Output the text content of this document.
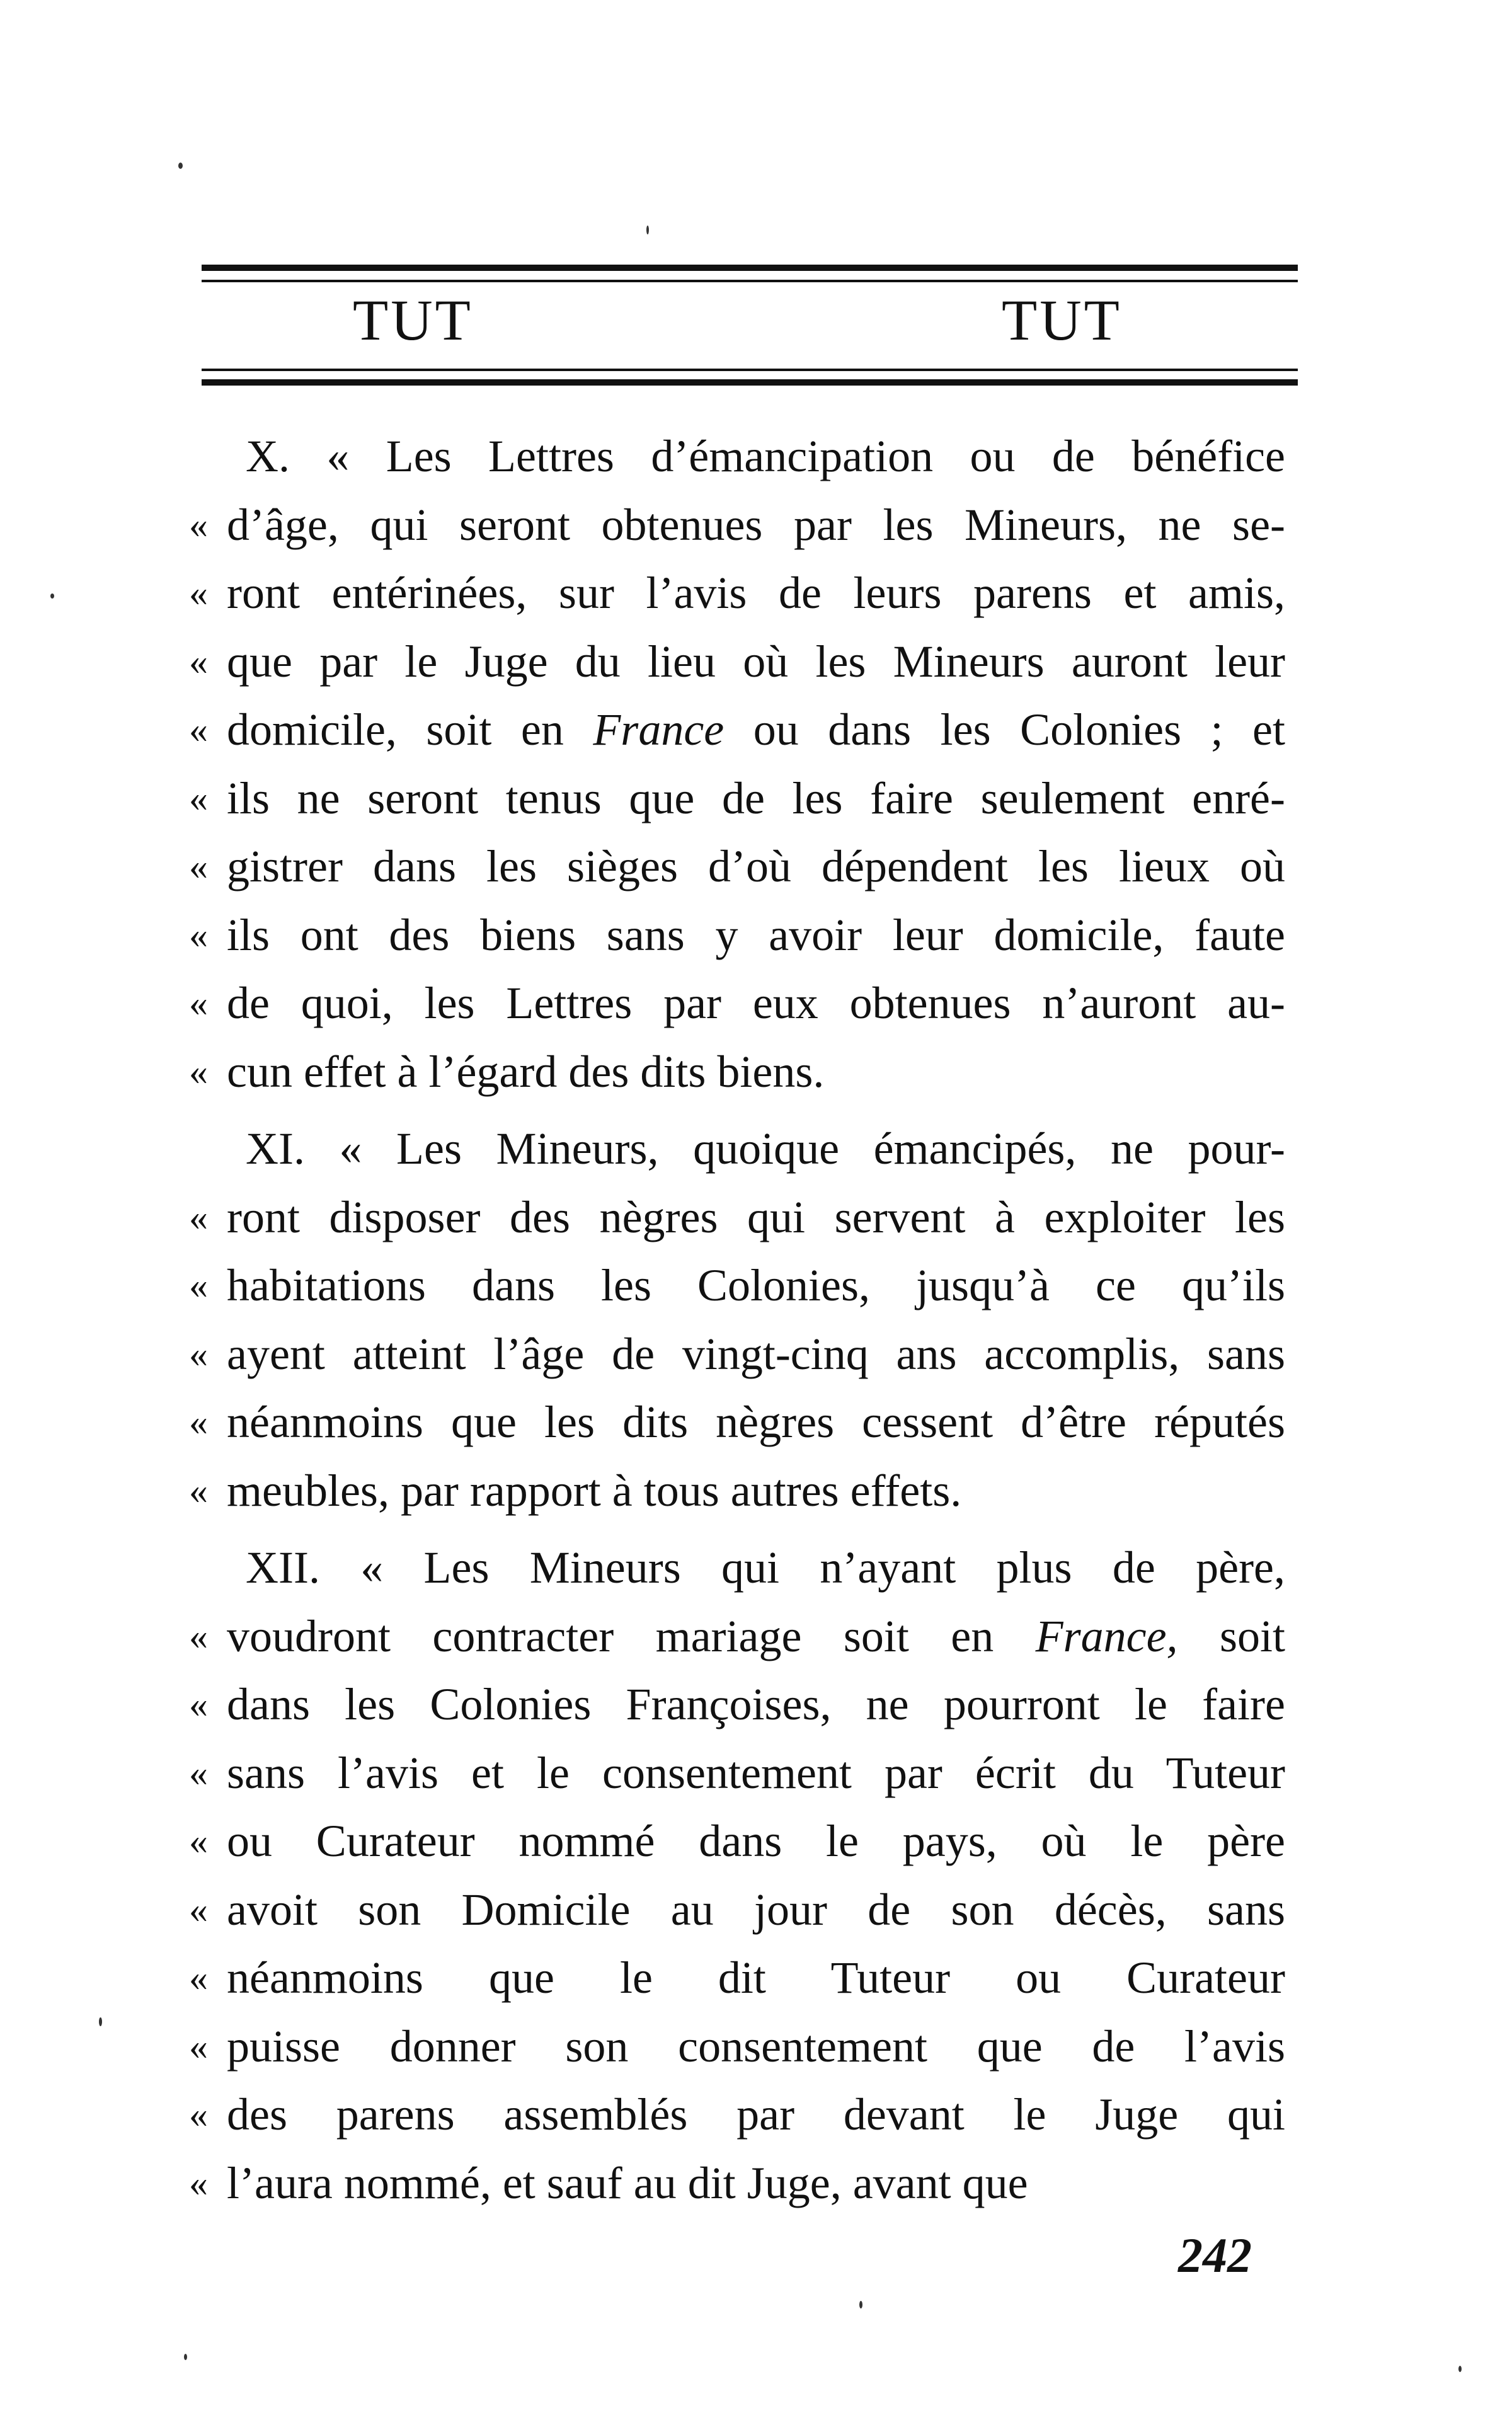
TUT	TUT
X. « Les Lettres d’émancipation ou de bénéfice
« d’âge, qui seront obtenues par les Mineurs, ne se-
« ront entérinées, sur l’avis de leurs parens et amis,
« que par le Juge du lieu où les Mineurs auront leur
« domicile, soit en France ou dans les Colonies ; et
« ils ne seront tenus que de les faire seulement enré-
« gistrer dans les sièges d’où dépendent les lieux où
« ils ont des biens sans y avoir leur domicile, faute
« de quoi, les Lettres par eux obtenues n’auront au-
« cun effet à l’égard des dits biens.
XI. « Les Mineurs, quoique émancipés, ne pour-
« ront disposer des nègres qui servent à exploiter les
« habitations dans les Colonies, jusqu’à ce qu’ils
« ayent atteint l’âge de vingt-cinq ans accomplis, sans
« néanmoins que les dits nègres cessent d’être réputés
« meubles, par rapport à tous autres effets.
XII. « Les Mineurs qui n’ayant plus de père,
« voudront contracter mariage soit en France, soit
« dans les Colonies Françoises, ne pourront le faire
« sans l’avis et le consentement par écrit du Tuteur
« ou Curateur nommé dans le pays, où le père
« avoit son Domicile au jour de son décès, sans
« néanmoins que le dit Tuteur ou Curateur
« puisse donner son consentement que de l’avis
« des parens assemblés par devant le Juge qui
« l’aura nommé, et sauf au dit Juge, avant que
242
